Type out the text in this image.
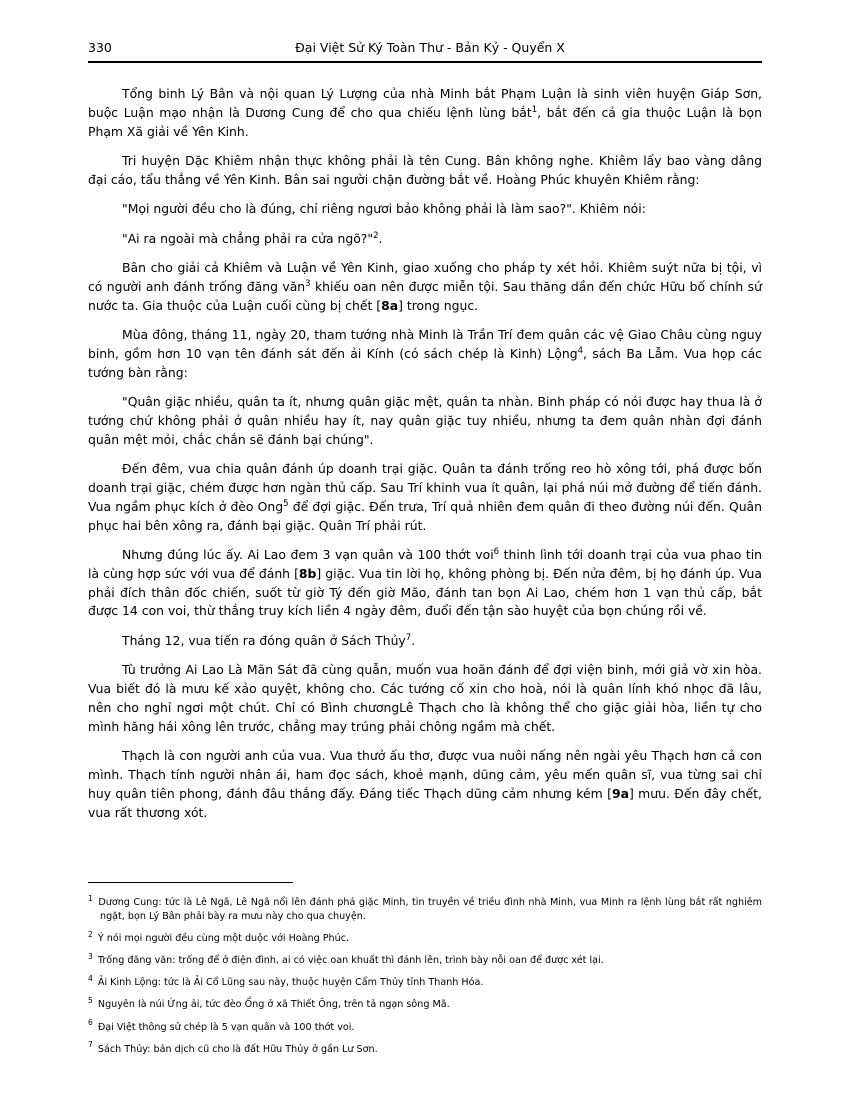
330	Đại Việt Sử Ký Toàn Thư - Bản Kỷ - Quyển X

Tổng binh Lý Bân và nội quan Lý Lượng của nhà Minh bắt Phạm Luận là sinh viên huyện Giáp Sơn, buộc Luận mạo nhận là Dương Cung để cho qua chiếu lệnh lùng bắt$^1$, bắt đến cả gia thuộc Luận là bọn Phạm Xã giải về Yên Kinh.

Tri huyện Dặc Khiêm nhận thực không phải là tên Cung. Bân không nghe. Khiêm lấy bao vàng dâng đại cáo, tẩu thẳng về Yên Kinh. Bân sai người chặn đường bắt về. Hoàng Phúc khuyên Khiêm rằng:

"Mọi người đều cho là đúng, chỉ riêng ngươi bảo không phải là làm sao?". Khiêm nói:

"Ai ra ngoài mà chẳng phải ra cửa ngõ?"$^2$.

Bân cho giải cả Khiêm và Luận về Yên Kinh, giao xuống cho pháp ty xét hỏi. Khiêm suýt nữa bị tội, vì có người anh đánh trống đăng văn$^3$ khiếu oan nên được miễn tội. Sau thăng dần đến chức Hữu bố chính sứ nước ta. Gia thuộc của Luận cuối cùng bị chết [8a] trong ngục.

Mùa đông, tháng 11, ngày 20, tham tướng nhà Minh là Trần Trí đem quân các vệ Giao Châu cùng nguy binh, gồm hơn 10 vạn tên đánh sát đến ải Kính (có sách chép là Kinh) Lộng$^4$, sách Ba Lẫm. Vua họp các tướng bàn rằng:

"Quân giặc nhiều, quân ta ít, nhưng quân giặc mệt, quân ta nhàn. Binh pháp có nói được hay thua là ở tướng chứ không phải ở quân nhiều hay ít, nay quân giặc tuy nhiều, nhưng ta đem quân nhàn đợi đánh quân mệt mỏi, chắc chắn sẽ đánh bại chúng".

Đến đêm, vua chia quân đánh úp doanh trại giặc. Quân ta đánh trống reo hò xông tới, phá được bốn doanh trại giặc, chém được hơn ngàn thủ cấp. Sau Trí khinh vua ít quân, lại phá núi mở đường để tiến đánh. Vua ngầm phục kích ở đèo Ong$^5$ để đợi giặc. Đến trưa, Trí quả nhiên đem quân đi theo đường núi đến. Quân phục hai bên xông ra, đánh bại giặc. Quân Trí phải rút.

Nhưng đúng lúc ấy. Ai Lao đem 3 vạn quân và 100 thớt voi$^6$ thinh lình tới doanh trại của vua phao tin là cùng hợp sức với vua để đánh [8b] giặc. Vua tin lời họ, không phòng bị. Đến nửa đêm, bị họ đánh úp. Vua phải đích thân đốc chiến, suốt từ giờ Tý đến giờ Mão, đánh tan bọn Ai Lao, chém hơn 1 vạn thủ cấp, bắt được 14 con voi, thừ thắng truy kích liền 4 ngày đêm, đuổi đến tận sào huyệt của bọn chúng rồi về.

Tháng 12, vua tiến ra đóng quân ở Sách Thủy$^7$.

Tù trưởng Ai Lao Là Mãn Sát đã cùng quẫn, muốn vua hoãn đánh để đợi viện binh, mới giả vờ xin hòa. Vua biết đó là mưu kế xảo quyệt, không cho. Các tướng cố xin cho hoà, nói là quân lính khó nhọc đã lâu, nên cho nghỉ ngơi một chút. Chỉ có Bình chươngLê Thạch cho là không thể cho giặc giải hòa, liền tự cho mình hăng hái xông lên trước, chẳng may trúng phải chông ngầm mà chết.

Thạch là con người anh của vua. Vua thưở ấu thơ, được vua nuôi nấng nên ngài yêu Thạch hơn cả con mình. Thạch tính người nhân ái, ham đọc sách, khoẻ mạnh, dũng cảm, yêu mến quân sĩ, vua từng sai chỉ huy quân tiên phong, đánh đâu thắng đấy. Đáng tiếc Thạch dũng cảm nhưng kém [9a] mưu. Đến đây chết, vua rất thương xót.

$^1$ Dương Cung: tức là Lê Ngã, Lê Ngã nổi lên đánh phá giặc Minh, tin truyền về triều đình nhà Minh, vua Minh ra lệnh lùng bắt rất nghiêm ngặt, bọn Lý Bân phải bày ra mưu này cho qua chuyện.
$^2$ Ý nói mọi người đều cùng một duộc với Hoàng Phúc.
$^3$ Trống đăng văn: trống để ở điện đình, ai có việc oan khuất thì đánh lên, trình bày nỗi oan để được xét lại.
$^4$ Ải Kinh Lộng: tức là Ải Cổ Lũng sau này, thuộc huyện Cẩm Thủy tỉnh Thanh Hóa.
$^5$ Nguyên là núi Ứng ải, tức đèo Ổng ở xã Thiết Ông, trên tả ngạn sông Mã.
$^6$ Đại Việt thông sử chép là 5 vạn quân và 100 thớt voi.
$^7$ Sách Thủy: bản dịch cũ cho là đất Hữu Thủy ở gần Lư Sơn.
